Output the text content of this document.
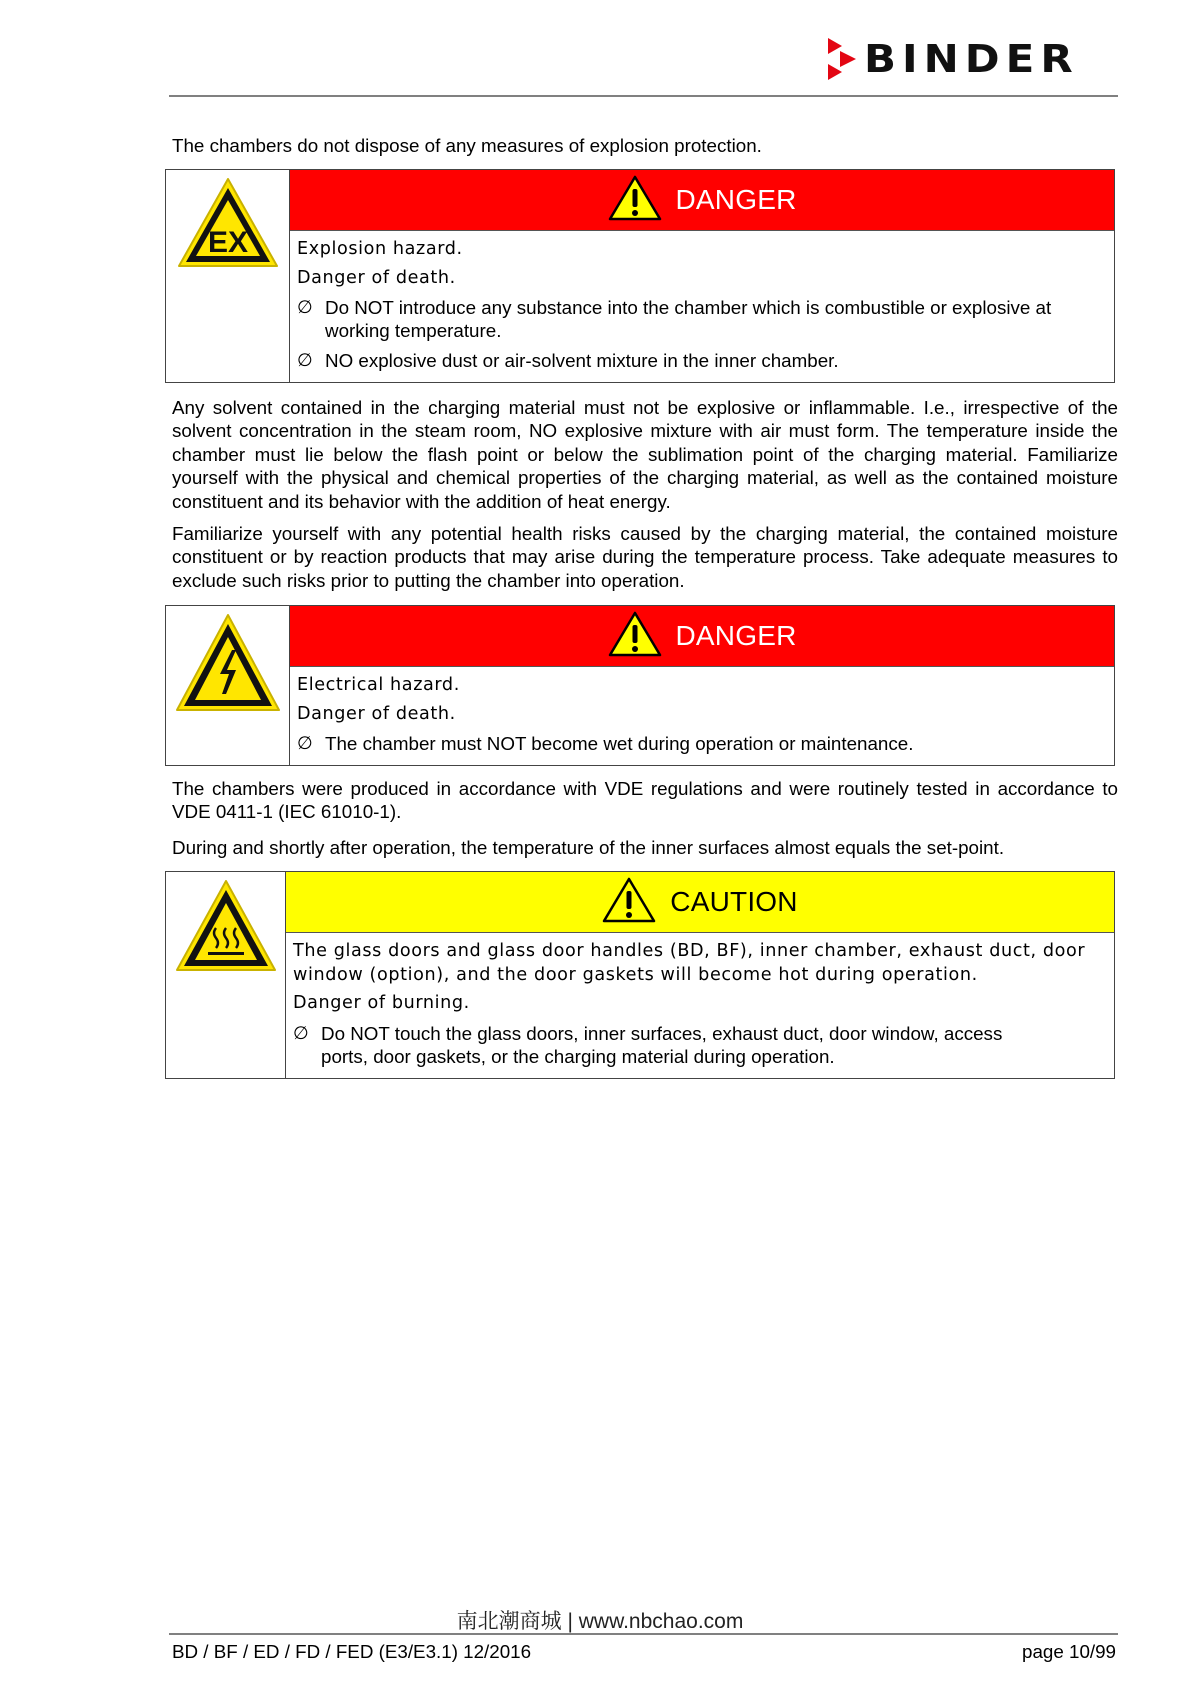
BINDER
The chambers do not dispose of any measures of explosion protection.
EX

DANGER
Explosion hazard.
Danger of death.
∅ Do NOT introduce any substance into the chamber which is combustible or explosive at working temperature.
∅ NO explosive dust or air-solvent mixture in the inner chamber.
Any solvent contained in the charging material must not be explosive or inflammable. I.e., irrespective of the solvent concentration in the steam room, NO explosive mixture with air must form. The temperature inside the chamber must lie below the flash point or below the sublimation point of the charging material. Familiarize yourself with the physical and chemical properties of the charging material, as well as the contained moisture constituent and its behavior with the addition of heat energy.
Familiarize yourself with any potential health risks caused by the charging material, the contained moisture constituent or by reaction products that may arise during the temperature process. Take adequate measures to exclude such risks prior to putting the chamber into operation.

DANGER
Electrical hazard.
Danger of death.
∅ The chamber must NOT become wet during operation or maintenance.
The chambers were produced in accordance with VDE regulations and were routinely tested in accordance to VDE 0411-1 (IEC 61010-1).
During and shortly after operation, the temperature of the inner surfaces almost equals the set-point.

CAUTION
The glass doors and glass door handles (BD, BF), inner chamber, exhaust duct, door window (option), and the door gaskets will become hot during operation.
Danger of burning.
∅ Do NOT touch the glass doors, inner surfaces, exhaust duct, door window, access ports, door gaskets, or the charging material during operation.
南北潮商城 | www.nbchao.com
BD / BF / ED / FD / FED (E3/E3.1) 12/2016	page 10/99
